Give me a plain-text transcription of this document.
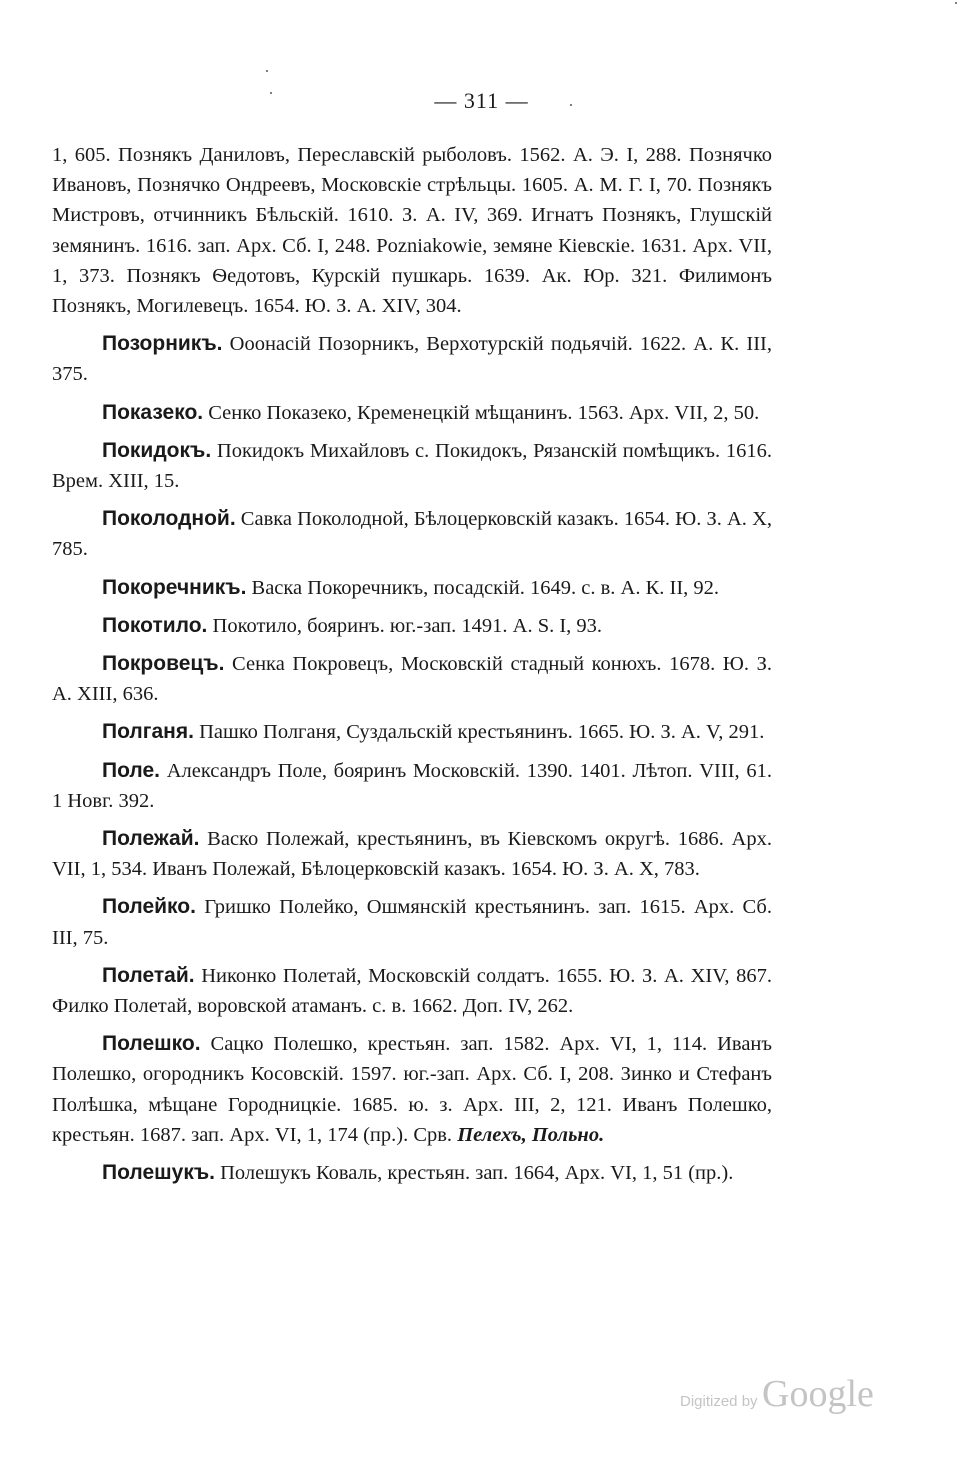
— 311 —

1, 605. Познякъ Даниловъ, Переславскій рыболовъ. 1562. А. Э. I, 288. Познячко Ивановъ, Познячко Ондреевъ, Московскіе стрѣльцы. 1605. А. М. Г. I, 70. Познякъ Мистровъ, отчинникъ Бѣльскій. 1610. З. А. IV, 369. Игнатъ Познякъ, Глушскій земянинъ. 1616. зап. Арх. Сб. I, 248. Pozniakowie, земяне Кіевскіе. 1631. Арх. VII, 1, 373. Познякъ Ѳедотовъ, Курскій пушкарь. 1639. Ак. Юр. 321. Филимонъ Познякъ, Могилевецъ. 1654. Ю. З. А. XIV, 304.

Позорникъ. Ооонасій Позорникъ, Верхотурскій подьячій. 1622. А. К. III, 375.

Показеко. Сенко Показеко, Кременецкій мѣщанинъ. 1563. Арх. VII, 2, 50.

Покидокъ. Покидокъ Михайловъ с. Покидокъ, Рязанскій помѣщикъ. 1616. Врем. XIII, 15.

Поколодной. Савка Поколодной, Бѣлоцерковскій казакъ. 1654. Ю. З. А. X, 785.

Покоречникъ. Васка Покоречникъ, посадскій. 1649. с. в. А. К. II, 92.

Покотило. Покотило, бояринъ. юг.-зап. 1491. A. S. I, 93.

Покровецъ. Сенка Покровецъ, Московскій стадный конюхъ. 1678. Ю. З. А. XIII, 636.

Полганя. Пашко Полганя, Суздальскій крестьянинъ. 1665. Ю. З. А. V, 291.

Поле. Александръ Поле, бояринъ Московскій. 1390. 1401. Лѣтоп. VIII, 61. 1 Новг. 392.

Полежай. Васко Полежай, крестьянинъ, въ Кіевскомъ округѣ. 1686. Арх. VII, 1, 534. Иванъ Полежай, Бѣлоцерковскій казакъ. 1654. Ю. З. А. X, 783.

Полейко. Гришко Полейко, Ошмянскій крестьянинъ. зап. 1615. Арх. Сб. III, 75.

Полетай. Никонко Полетай, Московскій солдатъ. 1655. Ю. З. А. XIV, 867. Филко Полетай, воровской атаманъ. с. в. 1662. Доп. IV, 262.

Полешко. Сацко Полешко, крестьян. зап. 1582. Арх. VI, 1, 114. Иванъ Полешко, огородникъ Косовскій. 1597. юг.-зап. Арх. Сб. I, 208. Зинко и Стефанъ Полѣшка, мѣщане Городницкіе. 1685. ю. з. Арх. III, 2, 121. Иванъ Полешко, крестьян. 1687. зап. Арх. VI, 1, 174 (пр.). Срв. Пелехъ, Польно.

Полешукъ. Полешукъ Коваль, крестьян. зап. 1664, Арх. VI, 1, 51 (пр.).

Digitized by Google
